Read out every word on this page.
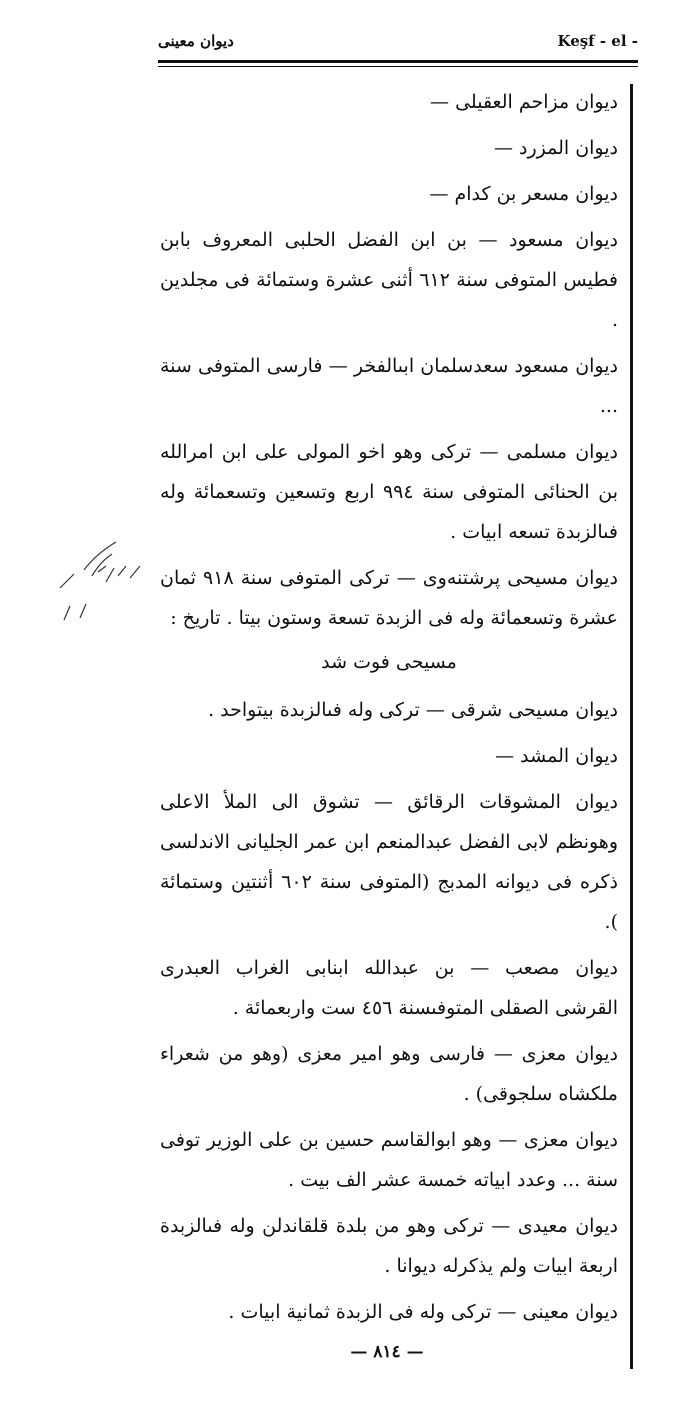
ديوان معينى	Keşf - el -
ديوان مزاحم العقيلى —
ديوان المزرد —
ديوان مسعر بن كدام —
ديوان مسعود — بن ابن الفضل الحلبى المعروف بابن فطيس المتوفى سنة ٦١٢ أثنى عشرة وستمائة فى مجلدين .
ديوان مسعود سعدسلمان ابىالفخر — فارسى المتوفى سنة ...
ديوان مسلمى — تركى وهو اخو المولى على ابن امرالله بن الحنائى المتوفى سنة ٩٩٤ اربع وتسعين وتسعمائة وله فىالزبدة تسعه ابيات .
ديوان مسيحى پرشتنه‌وى — تركى المتوفى سنة ٩١٨ ثمان عشرة وتسعمائة وله فى الزبدة تسعة وستون بيتا . تاريخ :
مسيحى فوت شد
ديوان مسيحى شرقى — تركى وله فىالزبدة بيتواحد .
ديوان المشد —
ديوان المشوقات الرقائق — تشوق الى الملأ الاعلى وهونظم لابى الفضل عبدالمنعم ابن عمر الجليانى الاندلسى ذكره فى ديوانه المدبج (المتوفى سنة ٦٠٢ أثنتين وستمائة ).
ديوان مصعب — بن عبدالله ابنابى الغراب العبدرى القرشى الصقلى المتوفىسنة ٤٥٦ ست واربعمائة .
ديوان معزى — فارسى وهو امير معزى (وهو من شعراء ملكشاه سلجوقى) .
ديوان معزى — وهو ابوالقاسم حسين بن على الوزير توفى سنة ... وعدد ابياته خمسة عشر الف بيت .
ديوان معيدى — تركى وهو من بلدة قلقاندلن وله فىالزبدة اربعة ابيات ولم يذكرله ديوانا .
ديوان معينى — تركى وله فى الزبدة ثمانية ابيات .
— ٨١٤ —
